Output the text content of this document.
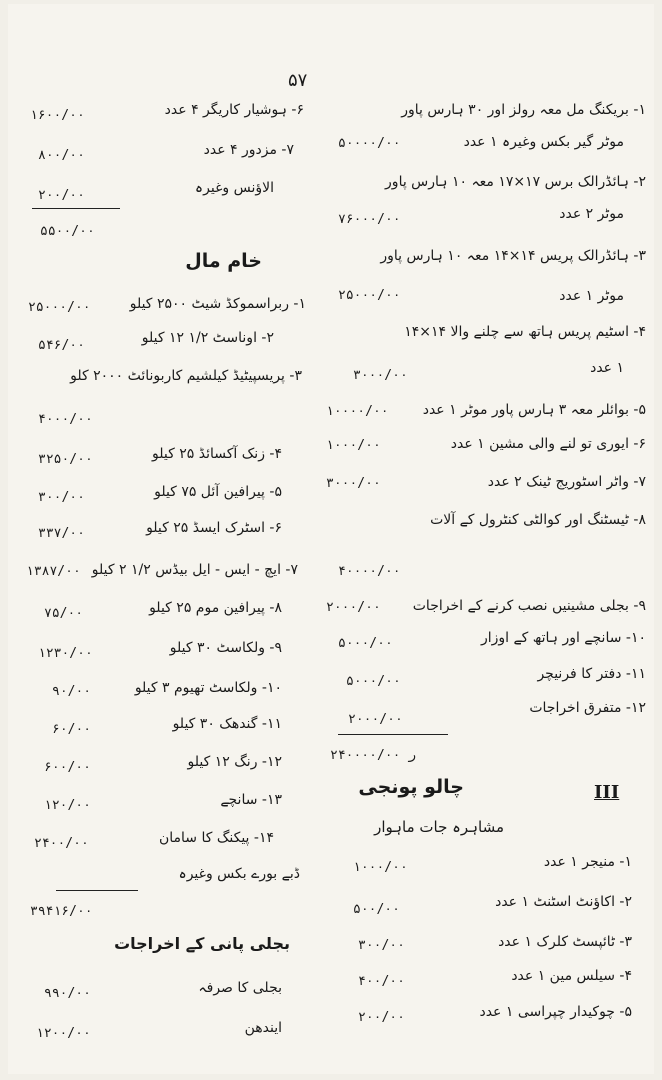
۵۷
۱- بریکنگ مل معہ رولز اور ۳۰ ہارس پاور
موٹر گیر بکس وغیرہ ۱ عدد
۵۰۰۰۰/۰۰
۲- ہائڈرالک برس ۱۷×۱۷ معہ ۱۰ ہارس پاور
موٹر ۲ عدد
۷۶۰۰۰/۰۰
۳- ہائڈرالک پریس ۱۴×۱۴ معہ ۱۰ ہارس پاور
موٹر ۱ عدد
۲۵۰۰۰/۰۰
۴- اسٹیم پریس ہاتھ سے چلنے والا ۱۴×۱۴
۱ عدد
۳۰۰۰/۰۰
۵- بوائلر معہ ۳ ہارس پاور موٹر ۱ عدد
۱۰۰۰۰/۰۰
۶- ایوری تو لنے والی مشین ۱ عدد
۱۰۰۰/۰۰
۷- واٹر اسٹوریج ٹینک ۲ عدد
۳۰۰۰/۰۰
۸- ٹیسٹنگ اور کوالٹی کنٹرول کے آلات
۴۰۰۰۰/۰۰
۹- بجلی مشینیں نصب کرنے کے اخراجات
۲۰۰۰/۰۰
۱۰- سانچے اور ہاتھ کے اوزار
۵۰۰۰/۰۰
۱۱- دفتر کا فرنیچر
۵۰۰۰/۰۰
۱۲- متفرق اخراجات
۲۰۰۰/۰۰
۲۴۰۰۰۰/۰۰ ر
III
چالو پونجی
مشاہرہ جات ماہوار
۱- منیجر ۱ عدد
۱۰۰۰/۰۰
۲- اکاؤنٹ اسٹنٹ ۱ عدد
۵۰۰/۰۰
۳- ٹائپسٹ کلرک ۱ عدد
۳۰۰/۰۰
۴- سیلس مین ۱ عدد
۴۰۰/۰۰
۵- چوکیدار چپراسی ۱ عدد
۲۰۰/۰۰
۶- ہوشیار کاریگر ۴ عدد
۱۶۰۰/۰۰
۷- مزدور ۴ عدد
۸۰۰/۰۰
الاؤنس وغیرہ
۲۰۰/۰۰
۵۵۰۰/۰۰
خام مال
۱- ربراسموکڈ شیٹ ۲۵۰۰ کیلو
۲۵۰۰۰/۰۰
۲- اوناسٹ ۱/۲ ۱۲ کیلو
۵۴۶/۰۰
۳- پریسپیٹیڈ کیلشیم کاربونائٹ ۲۰۰۰ کلو
۴۰۰۰/۰۰
۴- زنک آکسائڈ ۲۵ کیلو
۳۲۵۰/۰۰
۵- پیرافین آئل ۷۵ کیلو
۳۰۰/۰۰
۶- اسٹرک ایسڈ ۲۵ کیلو
۳۳۷/۰۰
۷- ایچ - ایس - ایل بیڈس ۱/۲ ۲ کیلو
۱۳۸۷/۰۰
۸- پیرافین موم ۲۵ کیلو
۷۵/۰۰
۹- ولکاسٹ ۳۰ کیلو
۱۲۳۰/۰۰
۱۰- ولکاسٹ تھیوم ۳ کیلو
۹۰/۰۰
۱۱- گندھک ۳۰ کیلو
۶۰/۰۰
۱۲- رنگ ۱۲ کیلو
۶۰۰/۰۰
۱۳- سانچے
۱۲۰/۰۰
۱۴- پیکنگ کا سامان
۲۴۰۰/۰۰
ڈبے بورے بکس وغیرہ
۳۹۴۱۶/۰۰
بجلی پانی کے اخراجات
بجلی کا صرفہ
۹۹۰/۰۰
ایندھن
۱۲۰۰/۰۰
